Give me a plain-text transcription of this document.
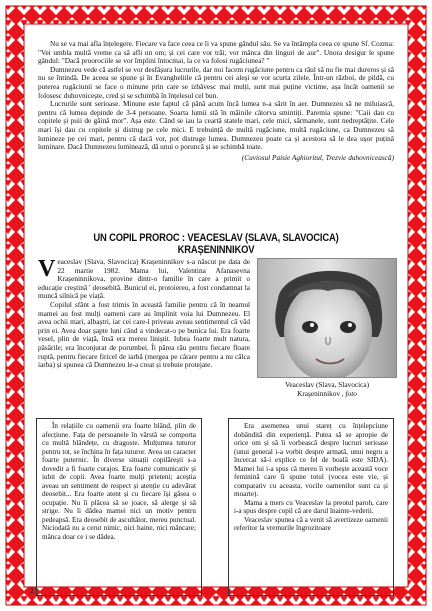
Nu se va mai afla înțelegere. Fiecare va face ceea ce îi va spune gândul său. Se va întâmpla ceea ce spune Sf. Cozma: "Vei umbla multă vreme ca să afli un om; și cei care vor trăi, vor mânca din linguri de aur". Unora desigur le spune gândul: "Dacă proorociile se vor împlini întocmai, la ce va folosi rugăciunea? "

Dumnezeu vede că astfel se vor desfășura lucrurile, dar noi facem rugăciune pentru ca răul să nu fie mai dureros și să nu se întindă. De aceea se spune și în Evangheliile că pentru cei aleși se vor scurta zilele. Într-un război, de pildă, cu puterea rugăciunii se face o minune prin care se izbăvesc mai mulți, sunt mai puține victime, așa încât oamenii se folosesc duhovnicește, cred și se schimbă în înțelesul cel bun.

Lucrurile sunt serioase. Minune este faptul că până acum încă lumea n-a sărit în aer. Dumnezeu să ne miluiască, pentru că lumea depinde de 3-4 persoane. Soarta lumii stă în mâinile câtorva smintiți. Paremia spune: "Caii dau cu copitele și puii de găină mor". Așa este. Când se iau la ceartă statele mari, cele mici, sărmanele, sunt nedreptățite. Cele mari își dau cu copitele și distrug pe cele mici. E trebuință de multă rugăciune, multă rugăciune, ca Dumnezeu să lumineze pe cei mari, pentru că dacă vor, pot distruge lumea. Dumnezeu poate ca și acestora să le dea ușor puțină luminare. Dacă Dumnezeu luminează, dă unui o poruncă și se schimbă toate.

(Cuviosul Paisie Aghioritul, Trezvie duhovnicească)
UN COPIL PROROC : VEACESLAV (SLAVA, SLAVOCICA) KRAȘENINNIKOV

Veaceslav (Slava, Slavocica) Krașeninnikov s-a născut pe data de 22 martie 1982. Mama lui, Valentina Afanasevna Krașeninnikova, provine dintr-o familie în care a primit o educație creștină ' deosebită. Bunicul ei, protoiereu, a fost condamnat la muncă silnică pe viață.

Copilul sfânt a fost trimis în această familie pentru că în neamul mamei au fost mulți oameni care au împlinit voia lui Dumnezeu. El avea ochii mari, albaștri, iar cei care-l priveau aveau sentimentul că văd prin ei. Avea doar șapte luni când a vindecat-o pe bunica lui. Era foarte vesel, plin de viață, însă era mereu liniștit. Iubea foarte mult natura, păsările; era înconjurat de porumbei. Îi părea rău pentru fiecare floare ruptă, pentru fiecare firicel de iarbă (mergea pe cărare pentru a nu călca iarba) și spunea că Dumnezeu le-a creat și trebuie protejate.

Veaceslav (Slava, Slavocica)
Krașeninnikov , foto

În relațiile cu oamenii era foarte blând, plin de afecțiune. Fața de persoanele în vârstă se comporta cu multă blândețe, cu dragoste. Mulțumea tuturor pentru tot, se închina în fața tuturor. Avea un caracter foarte puternic. În diverse situații copilărești s-a dovedit a fi foarte curajos. Era foarte comunicativ și iubit de copii. Avea foarte mulți prieteni; aceștia aveau un sentiment de respect și atenție cu adevărat deosebit... Era foarte atent și cu fiecare își găsea o ocupație. Nu îi plăcea să se joace, să alerge și să strige. Nu îi dădea mamei nici un motiv pentru pedeapsă. Era deosebit de ascultător, mereu punctual. Niciodată nu a cerut nimic, nici haine, nici mâncare; mânca doar ce i se dădea.

Era asemenea unui stareț cu înțelepciune dobândită din experiență. Putea să se apropie de orice om și să îi vorbească despre lucruri serioase (unui general i-a vorbit despre armată, unui negru a încercat să-i explice ce fel de boală este SIDA). Mamei lui i-a spus că mereu îi vorbește această voce feminină care îi spune totul (vocea este vie, și comparativ cu aceasta, vocile oamenilor sunt ca și moarte).

Mama a mers cu Veaceslav la preotul paroh, care i-a spus despre copil că are darul înainte-vederii.

Veaceslav spunea că a venit să avertizeze oamenii referitor la vremurile îngrozitoare

2
